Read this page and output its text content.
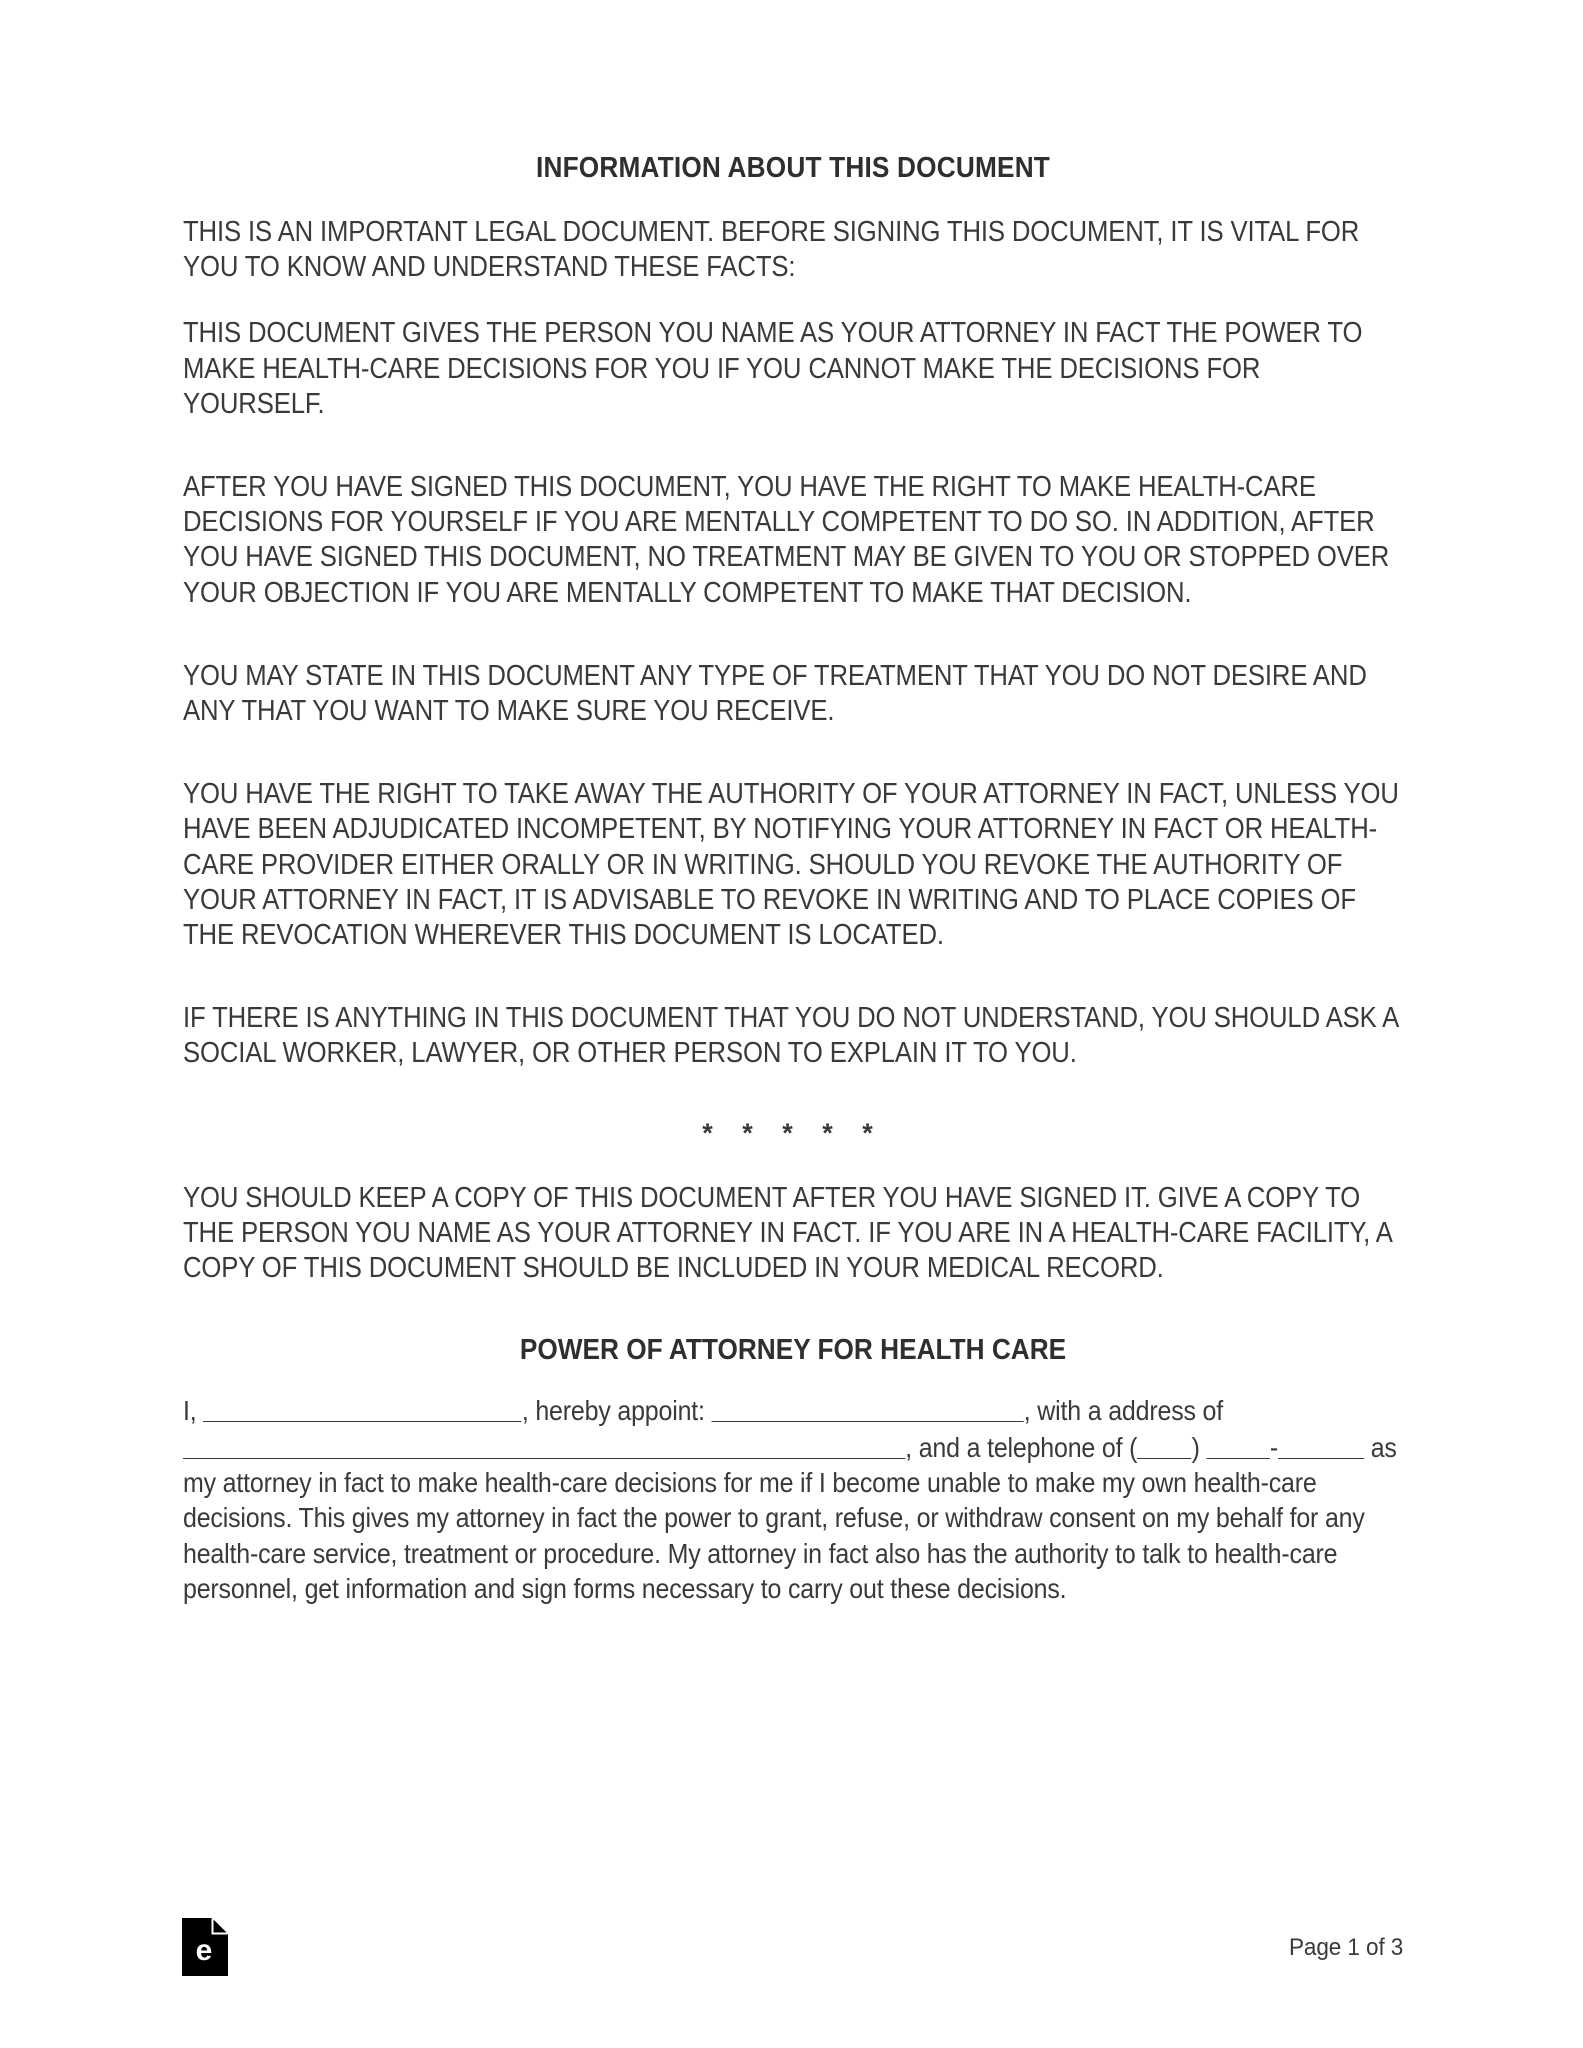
INFORMATION ABOUT THIS DOCUMENT

THIS IS AN IMPORTANT LEGAL DOCUMENT. BEFORE SIGNING THIS DOCUMENT, IT IS VITAL FOR YOU TO KNOW AND UNDERSTAND THESE FACTS:

THIS DOCUMENT GIVES THE PERSON YOU NAME AS YOUR ATTORNEY IN FACT THE POWER TO MAKE HEALTH-CARE DECISIONS FOR YOU IF YOU CANNOT MAKE THE DECISIONS FOR YOURSELF.

AFTER YOU HAVE SIGNED THIS DOCUMENT, YOU HAVE THE RIGHT TO MAKE HEALTH-CARE DECISIONS FOR YOURSELF IF YOU ARE MENTALLY COMPETENT TO DO SO. IN ADDITION, AFTER YOU HAVE SIGNED THIS DOCUMENT, NO TREATMENT MAY BE GIVEN TO YOU OR STOPPED OVER YOUR OBJECTION IF YOU ARE MENTALLY COMPETENT TO MAKE THAT DECISION.

YOU MAY STATE IN THIS DOCUMENT ANY TYPE OF TREATMENT THAT YOU DO NOT DESIRE AND ANY THAT YOU WANT TO MAKE SURE YOU RECEIVE.

YOU HAVE THE RIGHT TO TAKE AWAY THE AUTHORITY OF YOUR ATTORNEY IN FACT, UNLESS YOU HAVE BEEN ADJUDICATED INCOMPETENT, BY NOTIFYING YOUR ATTORNEY IN FACT OR HEALTH-CARE PROVIDER EITHER ORALLY OR IN WRITING. SHOULD YOU REVOKE THE AUTHORITY OF YOUR ATTORNEY IN FACT, IT IS ADVISABLE TO REVOKE IN WRITING AND TO PLACE COPIES OF THE REVOCATION WHEREVER THIS DOCUMENT IS LOCATED.

IF THERE IS ANYTHING IN THIS DOCUMENT THAT YOU DO NOT UNDERSTAND, YOU SHOULD ASK A SOCIAL WORKER, LAWYER, OR OTHER PERSON TO EXPLAIN IT TO YOU.

* * * * *

YOU SHOULD KEEP A COPY OF THIS DOCUMENT AFTER YOU HAVE SIGNED IT. GIVE A COPY TO THE PERSON YOU NAME AS YOUR ATTORNEY IN FACT. IF YOU ARE IN A HEALTH-CARE FACILITY, A COPY OF THIS DOCUMENT SHOULD BE INCLUDED IN YOUR MEDICAL RECORD.

POWER OF ATTORNEY FOR HEALTH CARE
I,	, hereby appoint:	, with a address of , and a telephone of ( ) -	as my attorney in fact to make health-care decisions for me if I become unable to make my own health-care decisions. This gives my attorney in fact the power to grant, refuse, or withdraw consent on my behalf for any health-care service, treatment or procedure. My attorney in fact also has the authority to talk to health-care personnel, get information and sign forms necessary to carry out these decisions.
e	Page 1 of 3
